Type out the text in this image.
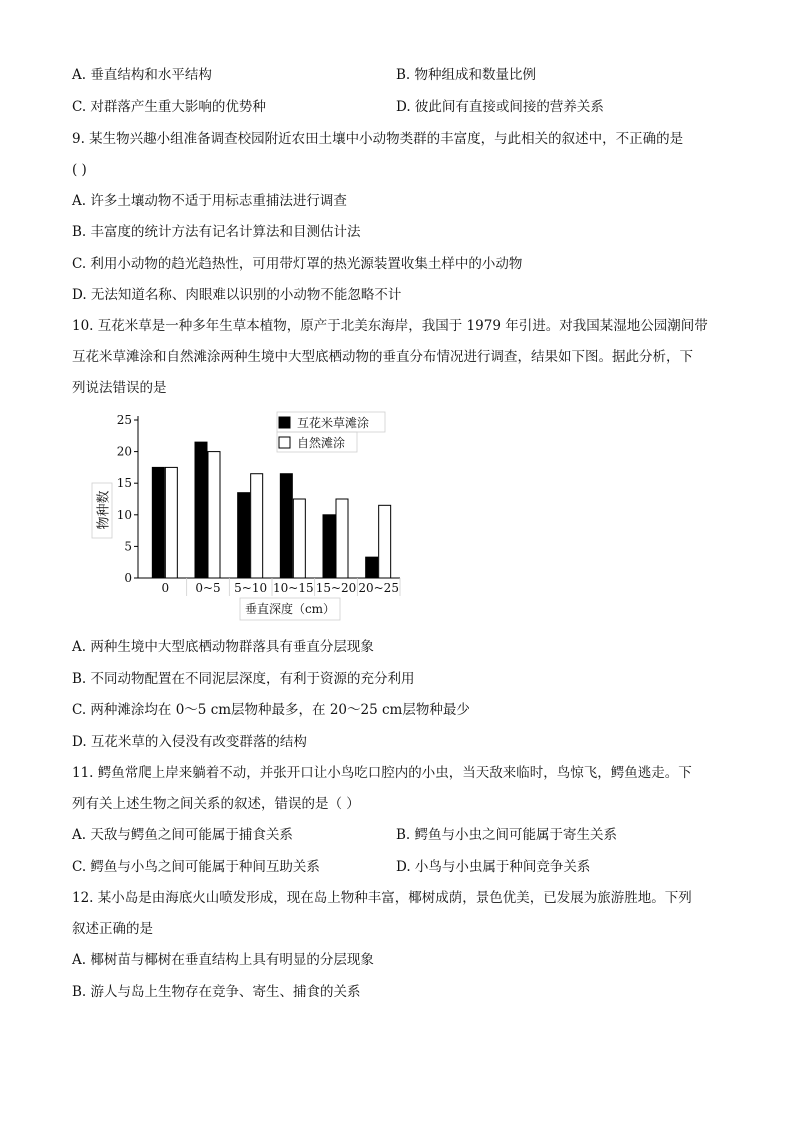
A. 垂直结构和水平结构	B. 物种组成和数量比例
C. 对群落产生重大影响的优势种	D. 彼此间有直接或间接的营养关系
9. 某生物兴趣小组准备调查校园附近农田土壤中小动物类群的丰富度，与此相关的叙述中，不正确的是
( )
A. 许多土壤动物不适于用标志重捕法进行调查
B. 丰富度的统计方法有记名计算法和目测估计法
C. 利用小动物的趋光趋热性，可用带灯罩的热光源装置收集土样中的小动物
D. 无法知道名称、肉眼难以识别的小动物不能忽略不计
10. 互花米草是一种多年生草本植物，原产于北美东海岸，我国于 1979 年引进。对我国某湿地公园潮间带
互花米草滩涂和自然滩涂两种生境中大型底栖动物的垂直分布情况进行调查，结果如下图。据此分析，下
列说法错误的是
物种数
垂直深度（cm）
0
5
10
15
20
25
0 0~5 5~10 10~15 15~20 20~25
互花米草滩涂
自然滩涂
A. 两种生境中大型底栖动物群落具有垂直分层现象
B. 不同动物配置在不同泥层深度，有利于资源的充分利用
C. 两种滩涂均在 0～5 cm层物种最多，在 20～25 cm层物种最少
D. 互花米草的入侵没有改变群落的结构
11. 鳄鱼常爬上岸来躺着不动，并张开口让小鸟吃口腔内的小虫，当天敌来临时，鸟惊飞，鳄鱼逃走。下
列有关上述生物之间关系的叙述，错误的是（ ）
A. 天敌与鳄鱼之间可能属于捕食关系	B. 鳄鱼与小虫之间可能属于寄生关系
C. 鳄鱼与小鸟之间可能属于种间互助关系	D. 小鸟与小虫属于种间竞争关系
12. 某小岛是由海底火山喷发形成，现在岛上物种丰富，椰树成荫，景色优美，已发展为旅游胜地。下列
叙述正确的是
A. 椰树苗与椰树在垂直结构上具有明显的分层现象
B. 游人与岛上生物存在竞争、寄生、捕食的关系
